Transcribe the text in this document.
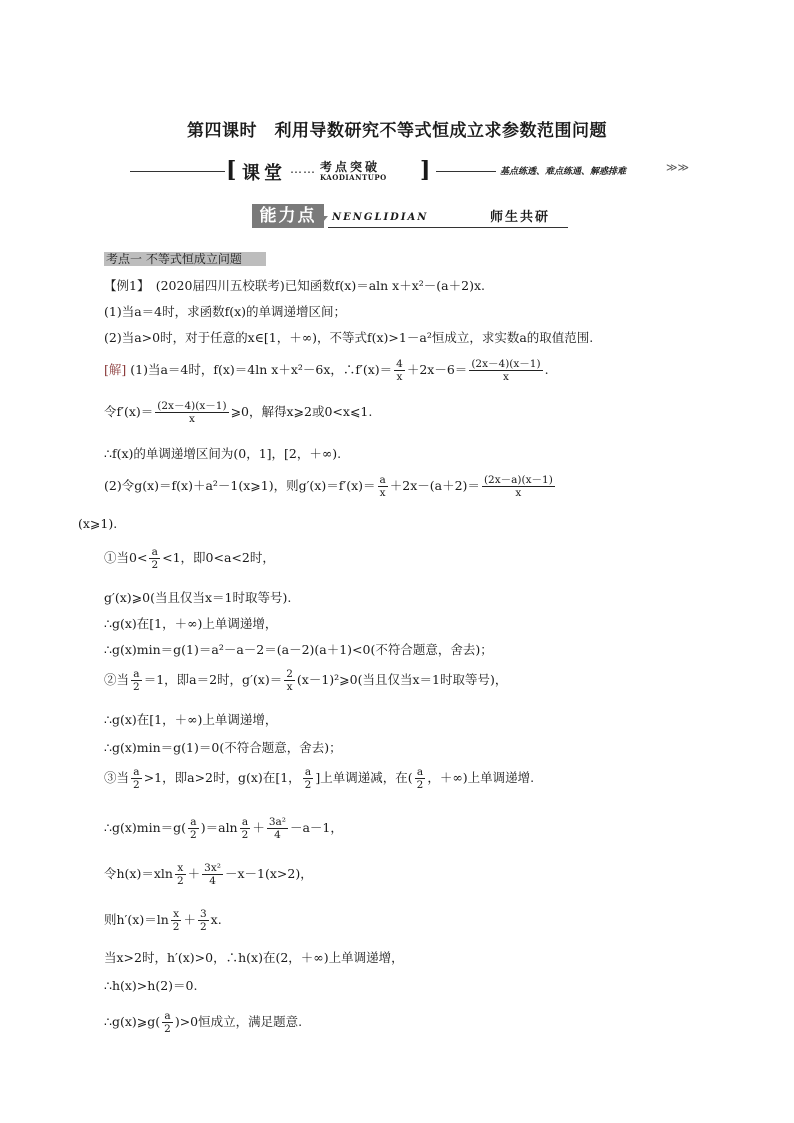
第四课时　利用导数研究不等式恒成立求参数范围问题
[ 课堂 …… 考点突破
KAODIANTUPO ]	基点练透、难点练通、解惑排难	≫≫
能力点	NENGLIDIAN	师生共研
考点一 不等式恒成立问题
【例1】　(2020届四川五校联考)已知函数f(x)＝aln x＋x²－(a＋2)x.
(1)当a＝4时，求函数f(x)的单调递增区间；
(2)当a>0时，对于任意的x∈[1，＋∞)，不等式f(x)>1－a²恒成立，求实数a的取值范围.
[解] (1)当a＝4时，f(x)＝4ln x＋x²－6x，∴f′(x)＝ $\frac{4}{x} +2x-6= \frac{(2x-4)(x-1)}{x}$ .
令$f'(x)= \frac{(2x-4)(x-1)}{x}$ ⩾0，解得x⩾2或0<x⩽1.
∴f(x)的单调递增区间为(0，1]，[2，＋∞).
(2)令g(x)＝f(x)＋a²－1(x⩾1)，则$g'(x)=f'(x)= \frac{a}{x} +2x-(a+2)= \frac{(2x-a)(x-1)}{x}$
(x⩾1).
①当$0< \frac{a}{2} <1$，即0<a<2时，
g′(x)⩾0(当且仅当x＝1时取等号).
∴g(x)在[1，＋∞)上单调递增，
∴g(x)min＝g(1)＝a²－a－2＝(a－2)(a＋1)<0(不符合题意，舍去)；
②当 $\frac{a}{2} =1$，即a＝2时，$g'(x)= \frac{2}{x}$ (x－1)²⩾0(当且仅当x＝1时取等号)，
∴g(x)在[1，＋∞)上单调递增，
∴g(x)min＝g(1)＝0(不符合题意，舍去)；
③当 $\frac{a}{2} >1$，即a>2时，g(x)在[1， $\frac{a}{2}$ ]上单调递减，在( $\frac{a}{2}$ ，＋∞)上单调递增.
∴g(x)min＝g( $\frac{a}{2} )=aln \frac{a}{2} + \frac{\text{3a²}}{4} -a-1$，
令$h(x)=xln \frac{x}{2} + \frac{\text{3x²}}{4} -x-1(x>2)$，
则$h'(x)=\ln \frac{x}{2} + \frac{3}{2} x$.
当x>2时，h′(x)>0，∴h(x)在(2，＋∞)上单调递增，
∴h(x)>h(2)＝0.
∴g(x)⩾g( $\frac{a}{2} )>0$恒成立，满足题意.
